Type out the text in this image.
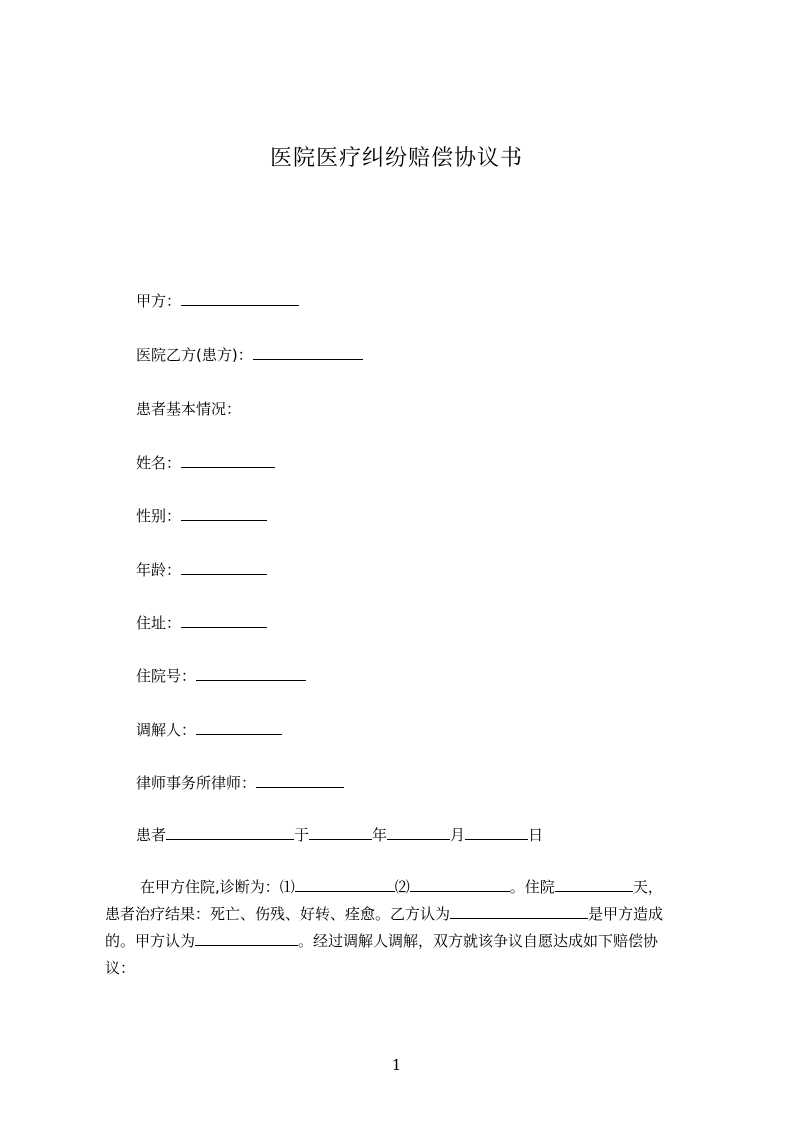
医院医疗纠纷赔偿协议书
甲方：
医院乙方(患方)：
患者基本情况：
姓名：
性别：
年龄：
住址：
住院号：
调解人：
律师事务所律师：
患者	于	年	月	日
在甲方住院,诊断为：⑴	⑵	。住院	天，
患者治疗结果：死亡、伤残、好转、痊愈。乙方认为	是甲方造成
的。甲方认为	。经过调解人调解，双方就该争议自愿达成如下赔偿协
议：
1
